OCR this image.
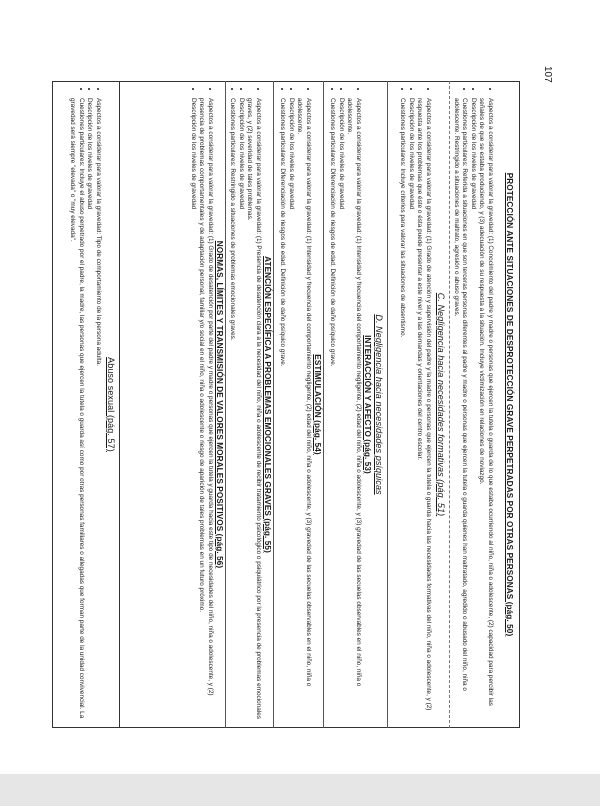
107
PROTECCIÓN ANTE SITUACIONES DE DESPROTECCIÓN GRAVE PERPETRADAS POR OTRAS PERSONAS (pág. 50)
• Aspectos a considerar para valorar la gravedad: (1) Conocimiento del padre y madre o personas que ejercen la tutela o guarda de lo que estaba ocurriendo al niño, niña o adolescente, (2) capacidad para percibir las señales de que se estaba produciendo, y (3) adecuación de su respuesta a la situación. Incluye victimización en relaciones de noviazgo.
• Descripción de los niveles de gravedad
• Cuestiones particulares: Referida a situaciones en que son terceras personas diferentes al padre y madre o personas que ejercen la tutela o guarda quienes han maltratado, agredido o abusado del niño, niña o adolescente. Restringido a situaciones de maltrato, agresión o abuso graves.
C. Negligencia hacia necesidades formativas (pág. 51)
• Aspectos a considerar para valorar la gravedad: (1) Grado de atención y supervisión del padre y la madre o personas que ejercen la tutela o guarda hacia las necesidades formativas del niño, niña o adolescente, y (2) respuesta ante los problemas que éste o ésta puede presentar a este nivel y a las demandas y orientaciones del centro escolar.
• Descripción de los niveles de gravedad
• Cuestiones particulares: Incluye criterios para valorar las situaciones de absentismo.
D. Negligencia hacia necesidades psíquicas
INTERACCIÓN Y AFECTO (pág. 53)
• Aspectos a considerar para valorar la gravedad: (1) Intensidad y frecuencia del comportamiento negligente, (2) edad del niño, niña o adolescente, y (3) gravedad de las secuelas observables en el niño, niña o adolescente.
• Descripción de los niveles de gravedad
• Cuestiones particulares: Diferenciación de riesgos de edad. Definición de daño psíquico grave.
ESTIMULACIÓN (pág. 54)
• Aspectos a considerar para valorar la gravedad: (1) Intensidad y frecuencia del comportamiento negligente, (2) edad del niño, niña o adolescente, y (3) gravedad de las secuelas observables en el niño, niña o adolescente.
• Descripción de los niveles de gravedad
• Cuestiones particulares: Diferenciación de riesgos de edad. Definición de daño psíquico grave.
ATENCIÓN ESPECÍFICA A PROBLEMAS EMOCIONALES GRAVES (pág. 55)
• Aspectos a considerar para valorar la gravedad: (1) Presencia de desatención clara a la necesidad del niño, niña o adolescente de recibir tratamiento psicológico o psiquiátrico por la presencia de problemas emocionales graves, y (2) severidad de tales problemas.
• Descripción de los niveles de gravedad
• Cuestiones particulares: Restringido a situaciones de problemas emocionales graves.
NORMAS, LÍMITES Y TRANSMISIÓN DE VALORES MORALES POSITIVOS (pág. 56)
• Aspectos a considerar para valorar la gravedad: (1) Grado de desatención por parte del padre y madre o personas que ejercen la tutela y guarda hacia este tipo de necesidades del niño, niña o adolescente, y (2) presencia de problemas comportamentales y de adaptación personal, familiar y/o social en el niño, niña o adolescente o riesgo de aparición de tales problemas en un futuro próximo.
• Descripción de los niveles de gravedad
Abuso sexual (pág. 57)
• Aspectos a considerar para valorar la gravedad: Tipo de comportamiento de la persona adulta.
• Descripción de los niveles de gravedad
• Cuestiones particulares: Incluye el abuso perpetrado por el padre, la madre, las personas que ejercen la tutela o guarda así como por otras personas familiares o allegadas que forman parte de la unidad convivencial. La gravedad será siempre "elevada" o "muy elevada".
